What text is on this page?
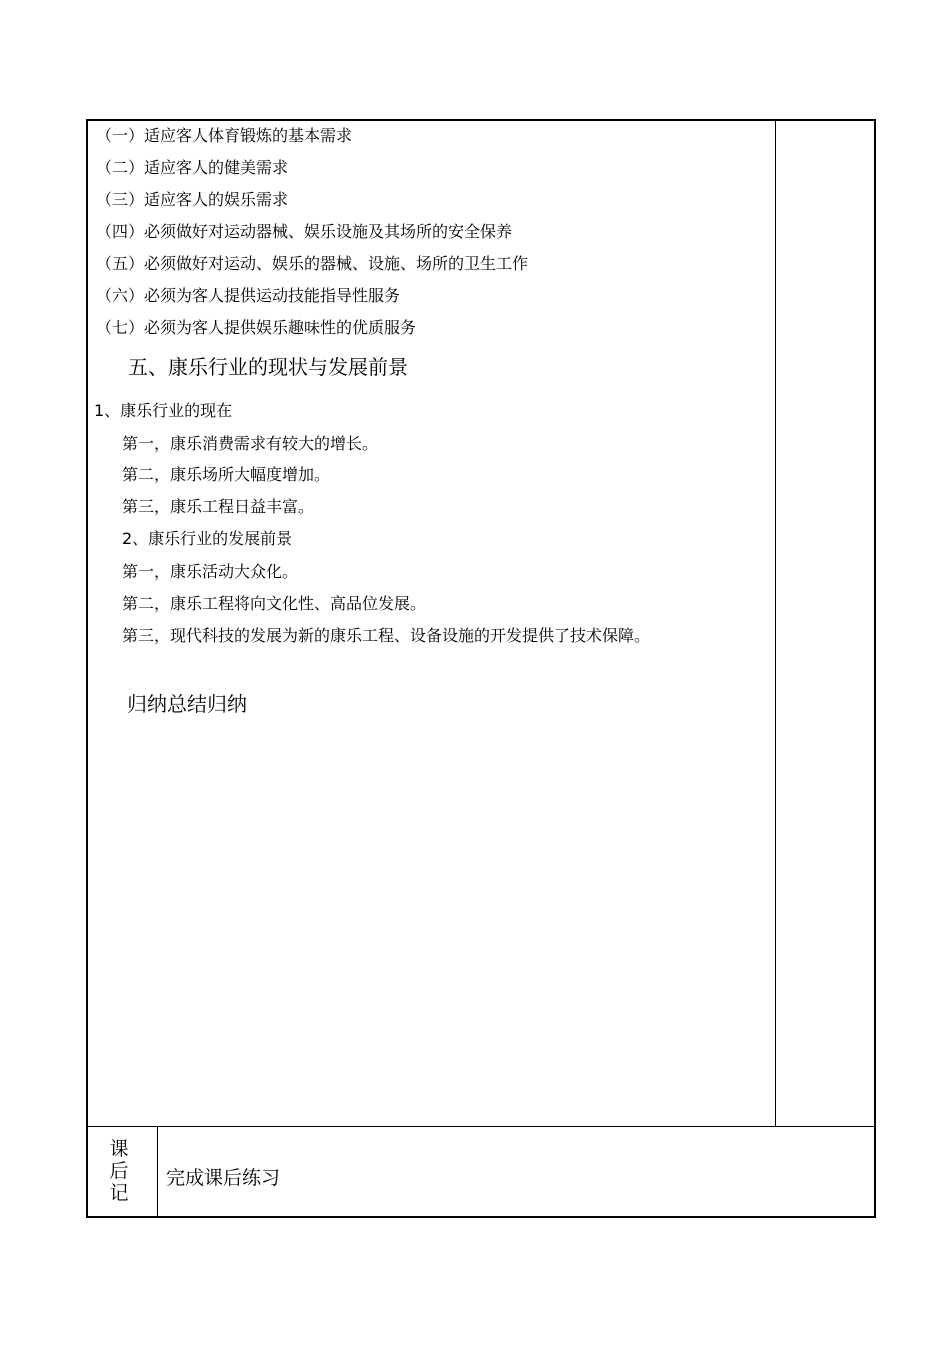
（一）适应客人体育锻炼的基本需求
（二）适应客人的健美需求
（三）适应客人的娱乐需求
（四）必须做好对运动器械、娱乐设施及其场所的安全保养
（五）必须做好对运动、娱乐的器械、设施、场所的卫生工作
（六）必须为客人提供运动技能指导性服务
（七）必须为客人提供娱乐趣味性的优质服务
五、康乐行业的现状与发展前景
1、康乐行业的现在
第一，康乐消费需求有较大的增长。
第二，康乐场所大幅度增加。
第三，康乐工程日益丰富。
2、康乐行业的发展前景
第一，康乐活动大众化。
第二，康乐工程将向文化性、高品位发展。
第三，现代科技的发展为新的康乐工程、设备设施的开发提供了技术保障。
归纳总结归纳
课
后
记
完成课后练习
